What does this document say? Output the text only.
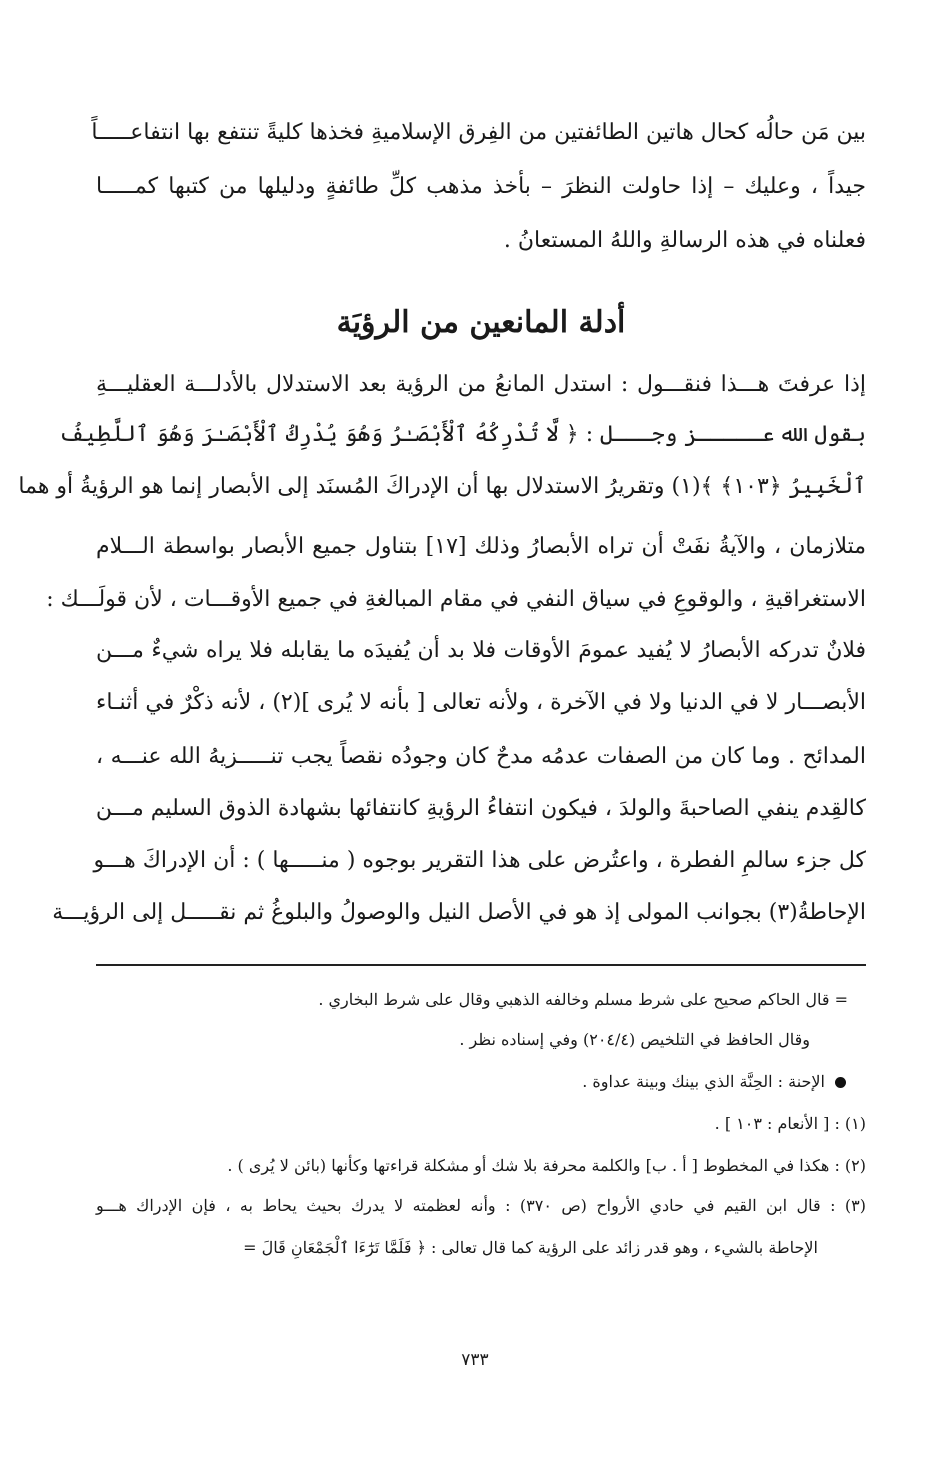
بين مَن حالُه كحال هاتين الطائفتين من الفِرق الإسلاميةِ فخذها كليةً تنتفع بها انتفاعـــــاً
جيداً ، وعليك – إذا حاولت النظرَ – بأخذ مذهب كلِّ طائفةٍ ودليلها من كتبها كمـــــا
فعلناه في هذه الرسالةِ واللهُ المستعانُ .
أدلة المانعين من الرؤيَة
إذا عرفتَ هـــذا فنقـــول : استدل المانعُ من الرؤية بعد الاستدلال بالأدلـــة العقليـــةِ
بقول الله عـــــز وجـــل : ﴿ لَّا تُدْرِكُهُ ٱلْأَبْصَـٰرُ وَهُوَ يُدْرِكُ ٱلْأَبْصَـٰرَ وَهُوَ ٱللَّطِيفُ
ٱلْخَبِيرُ ﴿١٠٣﴾ ﴾(١) وتقريرُ الاستدلال بها أن الإدراكَ المُسنَد إلى الأبصار إنما هو الرؤيةُ أو هما
متلازمان ، والآيةُ نفَتْ أن تراه الأبصارُ وذلك [١٧] بتناول جميع الأبصار بواسطة الـــلام
الاستغراقيةِ ، والوقوعِ في سياق النفي في مقام المبالغةِ في جميع الأوقـــات ، لأن قولَـــك :
فلانٌ تدركه الأبصارُ لا يُفيد عمومَ الأوقات فلا بد أن يُفيدَه ما يقابله فلا يراه شيءٌ مـــن
الأبصـــار لا في الدنيا ولا في الآخرة ، ولأنه تعالى [ بأنه لا يُرى ](٢) ، لأنه ذكْرٌ في أثنـاء
المدائح . وما كان من الصفات عدمُه مدحٌ كان وجودُه نقصاً يجب تنـــــزيهُ الله عنـــه ،
كالقِدم ينفي الصاحبةَ والولدَ ، فيكون انتفاءُ الرؤيةِ كانتفائها بشهادة الذوق السليم مـــن
كل جزء سالمِ الفطرة ، واعتُرض على هذا التقرير بوجوه ( منـــــها ) : أن الإدراكَ هـــو
الإحاطةُ(٣) بجوانب المولى إذ هو في الأصل النيل والوصولُ والبلوغُ ثم نقـــــل إلى الرؤيـــة
= قال الحاكم صحيح على شرط مسلم وخالفه الذهبي وقال على شرط البخاري .
وقال الحافظ في التلخيص (٢٠٤/٤) وفي إسناده نظر .
الإحنة : الحِنَّة الذي بينك وبينة عداوة .
(١) : [ الأنعام : ١٠٣ ] .
(٢) : هكذا في المخطوط [ أ . ب] والكلمة محرفة بلا شك أو مشكلة قراءتها وكأنها (بائن لا يُرى ) .
(٣) : قال ابن القيم في حادي الأرواح (ص ٣٧٠) : وأنه لعظمته لا يدرك بحيث يحاط به ، فإن الإدراك هـــو
الإحاطة بالشيء ، وهو قدر زائد على الرؤية كما قال تعالى : ﴿ فَلَمَّا تَرَٰٓءَا ٱلْجَمْعَانِ قَالَ =
٧٣٣
